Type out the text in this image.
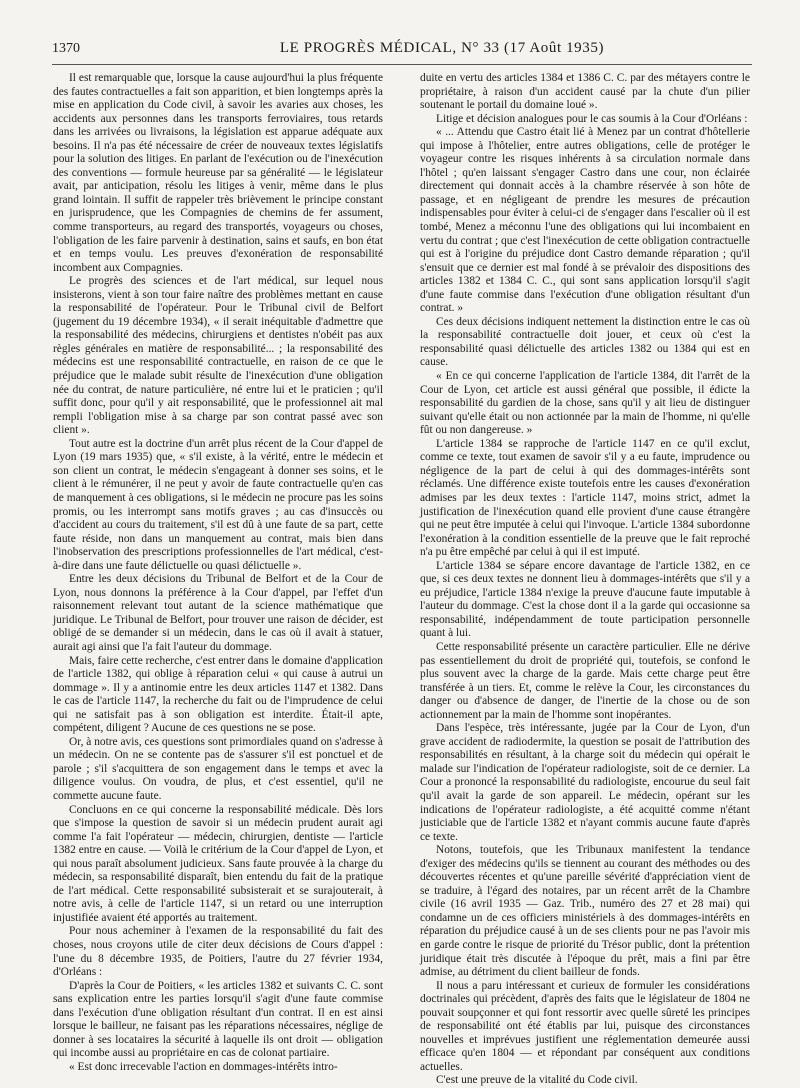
1370	LE PROGRÈS MÉDICAL, N° 33 (17 Août 1935)

Il est remarquable que, lorsque la cause aujourd'hui la plus fréquente des fautes contractuelles a fait son apparition, et bien longtemps après la mise en application du Code civil, à savoir les avaries aux choses, les accidents aux personnes dans les transports ferroviaires, tous retards dans les arrivées ou livraisons, la législation est apparue adéquate aux besoins. Il n'a pas été nécessaire de créer de nouveaux textes législatifs pour la solution des litiges. En parlant de l'exécution ou de l'inexécution des conventions — formule heureuse par sa généralité — le législateur avait, par anticipation, résolu les litiges à venir, même dans le plus grand lointain. Il suffit de rappeler très brièvement le principe constant en jurisprudence, que les Compagnies de chemins de fer assument, comme transporteurs, au regard des transportés, voyageurs ou choses, l'obligation de les faire parvenir à destination, sains et saufs, en bon état et en temps voulu. Les preuves d'exonération de responsabilité incombent aux Compagnies.

Le progrès des sciences et de l'art médical, sur lequel nous insisterons, vient à son tour faire naître des problèmes mettant en cause la responsabilité de l'opérateur. Pour le Tribunal civil de Belfort (jugement du 19 décembre 1934), « il serait inéquitable d'admettre que la responsabilité des médecins, chirurgiens et dentistes n'obéit pas aux règles générales en matière de responsabilité... ; la responsabilité des médecins est une responsabilité contractuelle, en raison de ce que le préjudice que le malade subit résulte de l'inexécution d'une obligation née du contrat, de nature particulière, né entre lui et le praticien ; qu'il suffit donc, pour qu'il y ait responsabilité, que le professionnel ait mal rempli l'obligation mise à sa charge par son contrat passé avec son client ».

Tout autre est la doctrine d'un arrêt plus récent de la Cour d'appel de Lyon (19 mars 1935) que, « s'il existe, à la vérité, entre le médecin et son client un contrat, le médecin s'engageant à donner ses soins, et le client à le rémunérer, il ne peut y avoir de faute contractuelle qu'en cas de manquement à ces obligations, si le médecin ne procure pas les soins promis, ou les interrompt sans motifs graves ; au cas d'insuccès ou d'accident au cours du traitement, s'il est dû à une faute de sa part, cette faute réside, non dans un manquement au contrat, mais bien dans l'inobservation des prescriptions professionnelles de l'art médical, c'est-à-dire dans une faute délictuelle ou quasi délictuelle ».

Entre les deux décisions du Tribunal de Belfort et de la Cour de Lyon, nous donnons la préférence à la Cour d'appel, par l'effet d'un raisonnement relevant tout autant de la science mathématique que juridique. Le Tribunal de Belfort, pour trouver une raison de décider, est obligé de se demander si un médecin, dans le cas où il avait à statuer, aurait agi ainsi que l'a fait l'auteur du dommage.

Mais, faire cette recherche, c'est entrer dans le domaine d'application de l'article 1382, qui oblige à réparation celui « qui cause à autrui un dommage ». Il y a antinomie entre les deux articles 1147 et 1382. Dans le cas de l'article 1147, la recherche du fait ou de l'imprudence de celui qui ne satisfait pas à son obligation est interdite. Était-il apte, compétent, diligent ? Aucune de ces questions ne se pose.

Or, à notre avis, ces questions sont primordiales quand on s'adresse à un médecin. On ne se contente pas de s'assurer s'il est ponctuel et de parole ; s'il s'acquittera de son engagement dans le temps et avec la diligence voulus. On voudra, de plus, et c'est essentiel, qu'il ne commette aucune faute.

Concluons en ce qui concerne la responsabilité médicale. Dès lors que s'impose la question de savoir si un médecin prudent aurait agi comme l'a fait l'opérateur — médecin, chirurgien, dentiste — l'article 1382 entre en cause. — Voilà le critérium de la Cour d'appel de Lyon, et qui nous paraît absolument judicieux. Sans faute prouvée à la charge du médecin, sa responsabilité disparaît, bien entendu du fait de la pratique de l'art médical. Cette responsabilité subsisterait et se surajouterait, à notre avis, à celle de l'article 1147, si un retard ou une interruption injustifiée avaient été apportés au traitement.

Pour nous acheminer à l'examen de la responsabilité du fait des choses, nous croyons utile de citer deux décisions de Cours d'appel : l'une du 8 décembre 1935, de Poitiers, l'autre du 27 février 1934, d'Orléans :

D'après la Cour de Poitiers, « les articles 1382 et suivants C. C. sont sans explication entre les parties lorsqu'il s'agit d'une faute commise dans l'exécution d'une obligation résultant d'un contrat. Il en est ainsi lorsque le bailleur, ne faisant pas les réparations nécessaires, néglige de donner à ses locataires la sécurité à laquelle ils ont droit — obligation qui incombe aussi au propriétaire en cas de colonat partiaire.

« Est donc irrecevable l'action en dommages-intérêts intro-

duite en vertu des articles 1384 et 1386 C. C. par des métayers contre le propriétaire, à raison d'un accident causé par la chute d'un pilier soutenant le portail du domaine loué ».

Litige et décision analogues pour le cas soumis à la Cour d'Orléans :

« ... Attendu que Castro était lié à Menez par un contrat d'hôtellerie qui impose à l'hôtelier, entre autres obligations, celle de protéger le voyageur contre les risques inhérents à sa circulation normale dans l'hôtel ; qu'en laissant s'engager Castro dans une cour, non éclairée directement qui donnait accès à la chambre réservée à son hôte de passage, et en négligeant de prendre les mesures de précaution indispensables pour éviter à celui-ci de s'engager dans l'escalier où il est tombé, Menez a méconnu l'une des obligations qui lui incombaient en vertu du contrat ; que c'est l'inexécution de cette obligation contractuelle qui est à l'origine du préjudice dont Castro demande réparation ; qu'il s'ensuit que ce dernier est mal fondé à se prévaloir des dispositions des articles 1382 et 1384 C. C., qui sont sans application lorsqu'il s'agit d'une faute commise dans l'exécution d'une obligation résultant d'un contrat. »

Ces deux décisions indiquent nettement la distinction entre le cas où la responsabilité contractuelle doit jouer, et ceux où c'est la responsabilité quasi délictuelle des articles 1382 ou 1384 qui est en cause.

« En ce qui concerne l'application de l'article 1384, dit l'arrêt de la Cour de Lyon, cet article est aussi général que possible, il édicte la responsabilité du gardien de la chose, sans qu'il y ait lieu de distinguer suivant qu'elle était ou non actionnée par la main de l'homme, ni qu'elle fût ou non dangereuse. »

L'article 1384 se rapproche de l'article 1147 en ce qu'il exclut, comme ce texte, tout examen de savoir s'il y a eu faute, imprudence ou négligence de la part de celui à qui des dommages-intérêts sont réclamés. Une différence existe toutefois entre les causes d'exonération admises par les deux textes : l'article 1147, moins strict, admet la justification de l'inexécution quand elle provient d'une cause étrangère qui ne peut être imputée à celui qui l'invoque. L'article 1384 subordonne l'exonération à la condition essentielle de la preuve que le fait reproché n'a pu être empêché par celui à qui il est imputé.

L'article 1384 se sépare encore davantage de l'article 1382, en ce que, si ces deux textes ne donnent lieu à dommages-intérêts que s'il y a eu préjudice, l'article 1384 n'exige la preuve d'aucune faute imputable à l'auteur du dommage. C'est la chose dont il a la garde qui occasionne sa responsabilité, indépendamment de toute participation personnelle quant à lui.

Cette responsabilité présente un caractère particulier. Elle ne dérive pas essentiellement du droit de propriété qui, toutefois, se confond le plus souvent avec la charge de la garde. Mais cette charge peut être transférée à un tiers. Et, comme le relève la Cour, les circonstances du danger ou d'absence de danger, de l'inertie de la chose ou de son actionnement par la main de l'homme sont inopérantes.

Dans l'espèce, très intéressante, jugée par la Cour de Lyon, d'un grave accident de radiodermite, la question se posait de l'attribution des responsabilités en résultant, à la charge soit du médecin qui opérait le malade sur l'indication de l'opérateur radiologiste, soit de ce dernier. La Cour a prononcé la responsabilité du radiologiste, encourue du seul fait qu'il avait la garde de son appareil. Le médecin, opérant sur les indications de l'opérateur radiologiste, a été acquitté comme n'étant justiciable que de l'article 1382 et n'ayant commis aucune faute d'après ce texte.

Notons, toutefois, que les Tribunaux manifestent la tendance d'exiger des médecins qu'ils se tiennent au courant des méthodes ou des découvertes récentes et qu'une pareille sévérité d'appréciation vient de se traduire, à l'égard des notaires, par un récent arrêt de la Chambre civile (16 avril 1935 — Gaz. Trib., numéro des 27 et 28 mai) qui condamne un de ces officiers ministériels à des dommages-intérêts en réparation du préjudice causé à un de ses clients pour ne pas l'avoir mis en garde contre le risque de priorité du Trésor public, dont la prétention juridique était très discutée à l'époque du prêt, mais a fini par être admise, au détriment du client bailleur de fonds.

Il nous a paru intéressant et curieux de formuler les considérations doctrinales qui précèdent, d'après des faits que le législateur de 1804 ne pouvait soupçonner et qui font ressortir avec quelle sûreté les principes de responsabilité ont été établis par lui, puisque des circonstances nouvelles et imprévues justifient une réglementation demeurée aussi efficace qu'en 1804 — et répondant par conséquent aux conditions actuelles.

C'est une preuve de la vitalité du Code civil.
